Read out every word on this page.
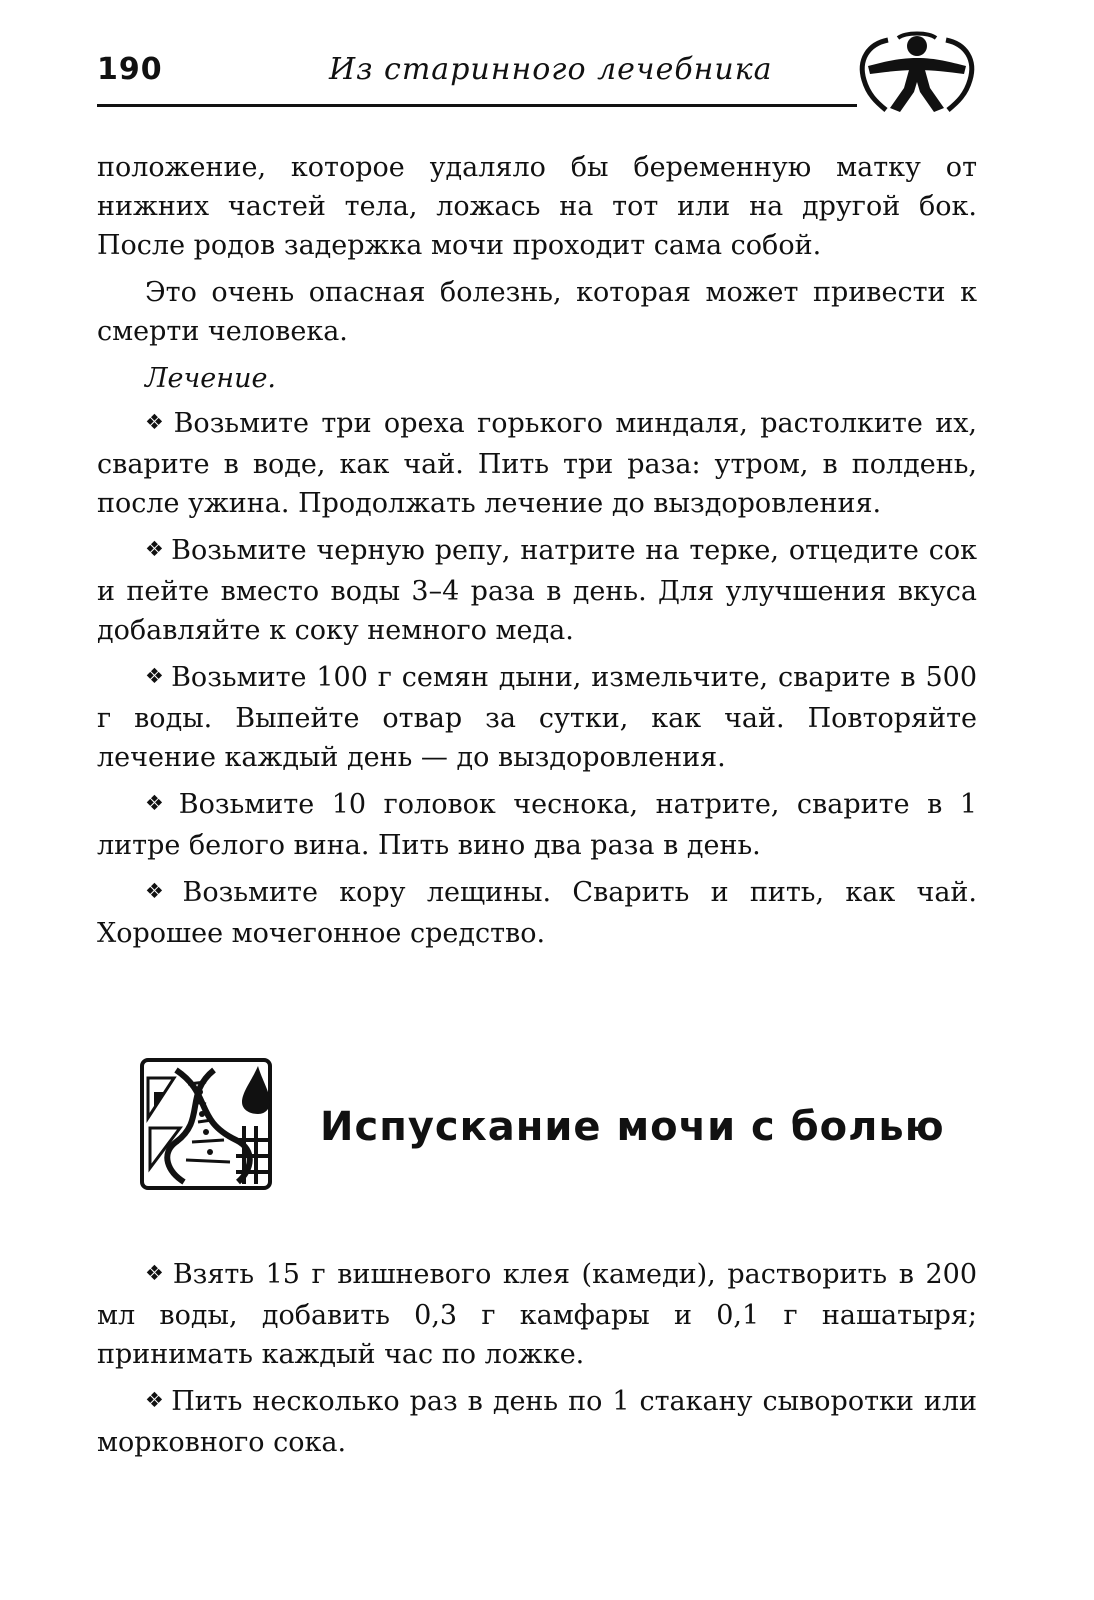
190	Из старинного лечебника

положение, которое удаляло бы беременную матку от нижних частей тела, ложась на тот или на другой бок. После родов задержка мочи проходит сама собой.

Это очень опасная болезнь, которая может привести к смерти человека.

Лечение.

❖ Возьмите три ореха горького миндаля, растолките их, сварите в воде, как чай. Пить три раза: утром, в полдень, после ужина. Продолжать лечение до выздоровления.

❖ Возьмите черную репу, натрите на терке, отцедите сок и пейте вместо воды 3–4 раза в день. Для улучшения вкуса добавляйте к соку немного меда.

❖ Возьмите 100 г семян дыни, измельчите, сварите в 500 г воды. Выпейте отвар за сутки, как чай. Повторяйте лечение каждый день — до выздоровления.

❖ Возьмите 10 головок чеснока, натрите, сварите в 1 литре белого вина. Пить вино два раза в день.

❖ Возьмите кору лещины. Сварить и пить, как чай. Хорошее мочегонное средство.

Испускание мочи с болью

❖ Взять 15 г вишневого клея (камеди), растворить в 200 мл воды, добавить 0,3 г камфары и 0,1 г нашатыря; принимать каждый час по ложке.

❖ Пить несколько раз в день по 1 стакану сыворотки или морковного сока.
